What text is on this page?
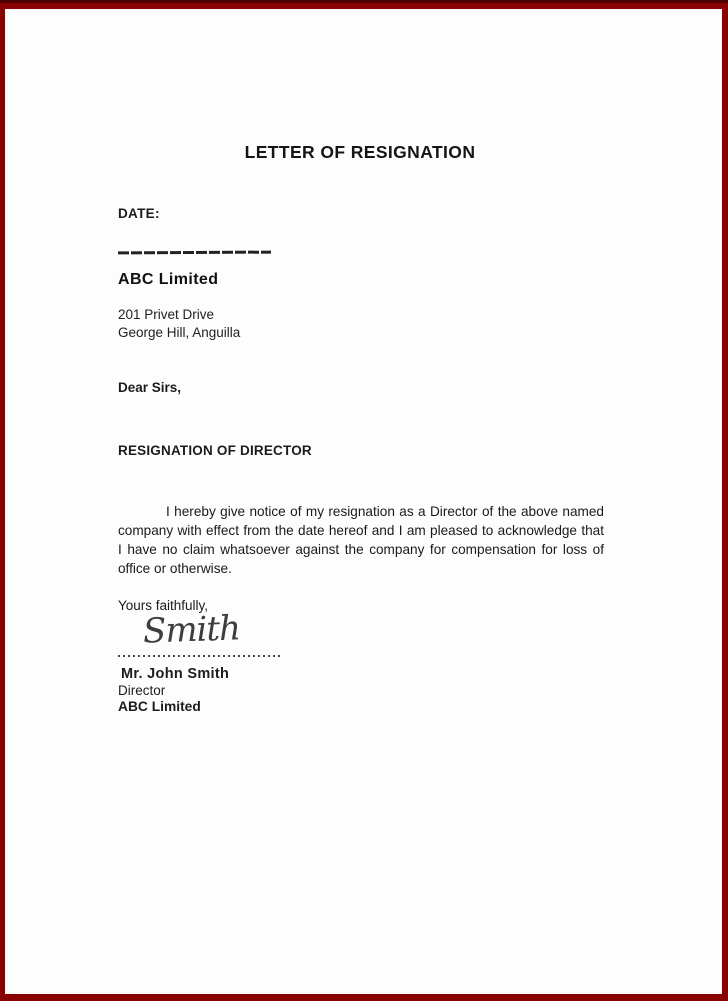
LETTER OF RESIGNATION
DATE:
ABC Limited
201 Privet Drive
George Hill, Anguilla
Dear Sirs,
RESIGNATION OF DIRECTOR
I hereby give notice of my resignation as a Director of the above named company with effect from the date hereof and I am pleased to acknowledge that I have no claim whatsoever against the company for compensation for loss of office or otherwise.
Yours faithfully,
Smith
Mr. John Smith
Director
ABC Limited
